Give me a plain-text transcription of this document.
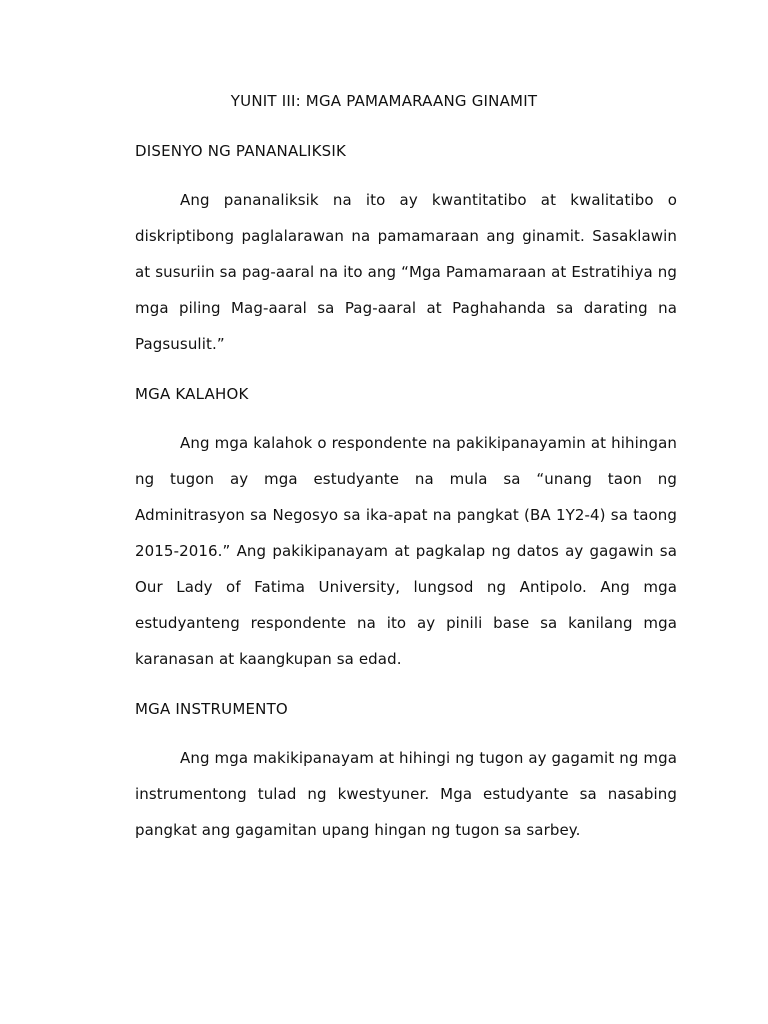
YUNIT III: MGA PAMAMARAANG GINAMIT
DISENYO NG PANANALIKSIK

Ang pananaliksik na ito ay kwantitatibo at kwalitatibo o diskriptibong paglalarawan na pamamaraan ang ginamit. Sasaklawin at susuriin sa pag-aaral na ito ang “Mga Pamamaraan at Estratihiya ng mga piling Mag-aaral sa Pag-aaral at Paghahanda sa darating na Pagsusulit.”

MGA KALAHOK

Ang mga kalahok o respondente na pakikipanayamin at hihingan ng tugon ay mga estudyante na mula sa “unang taon ng Adminitrasyon sa Negosyo sa ika-apat na pangkat (BA 1Y2-4) sa taong 2015-2016.” Ang pakikipanayam at pagkalap ng datos ay gagawin sa Our Lady of Fatima University, lungsod ng Antipolo. Ang mga estudyanteng respondente na ito ay pinili base sa kanilang mga karanasan at kaangkupan sa edad.

MGA INSTRUMENTO

Ang mga makikipanayam at hihingi ng tugon ay gagamit ng mga instrumentong tulad ng kwestyuner. Mga estudyante sa nasabing pangkat ang gagamitan upang hingan ng tugon sa sarbey.
